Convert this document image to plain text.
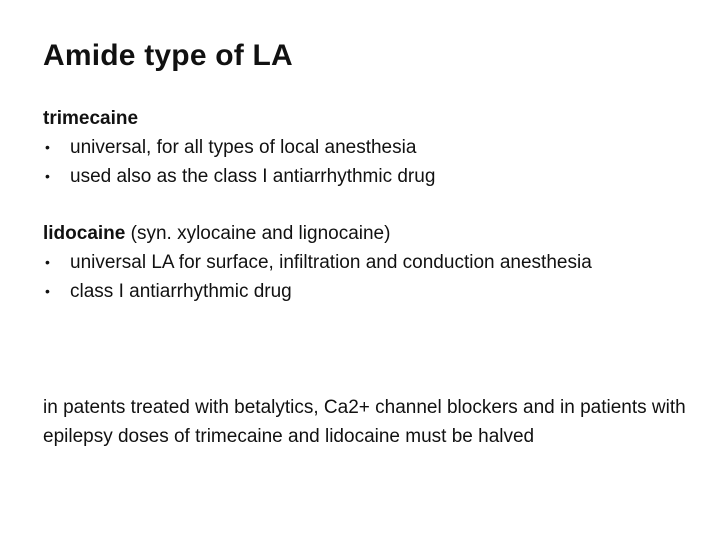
Amide type of LA

trimecaine

• universal, for all types of local anesthesia
• used also as the class I antiarrhythmic drug

lidocaine (syn. xylocaine and lignocaine)

• universal LA for surface, infiltration and conduction anesthesia
• class I antiarrhythmic drug

in patents treated with betalytics, Ca2+ channel blockers and in patients with epilepsy doses of trimecaine and lidocaine must be halved
